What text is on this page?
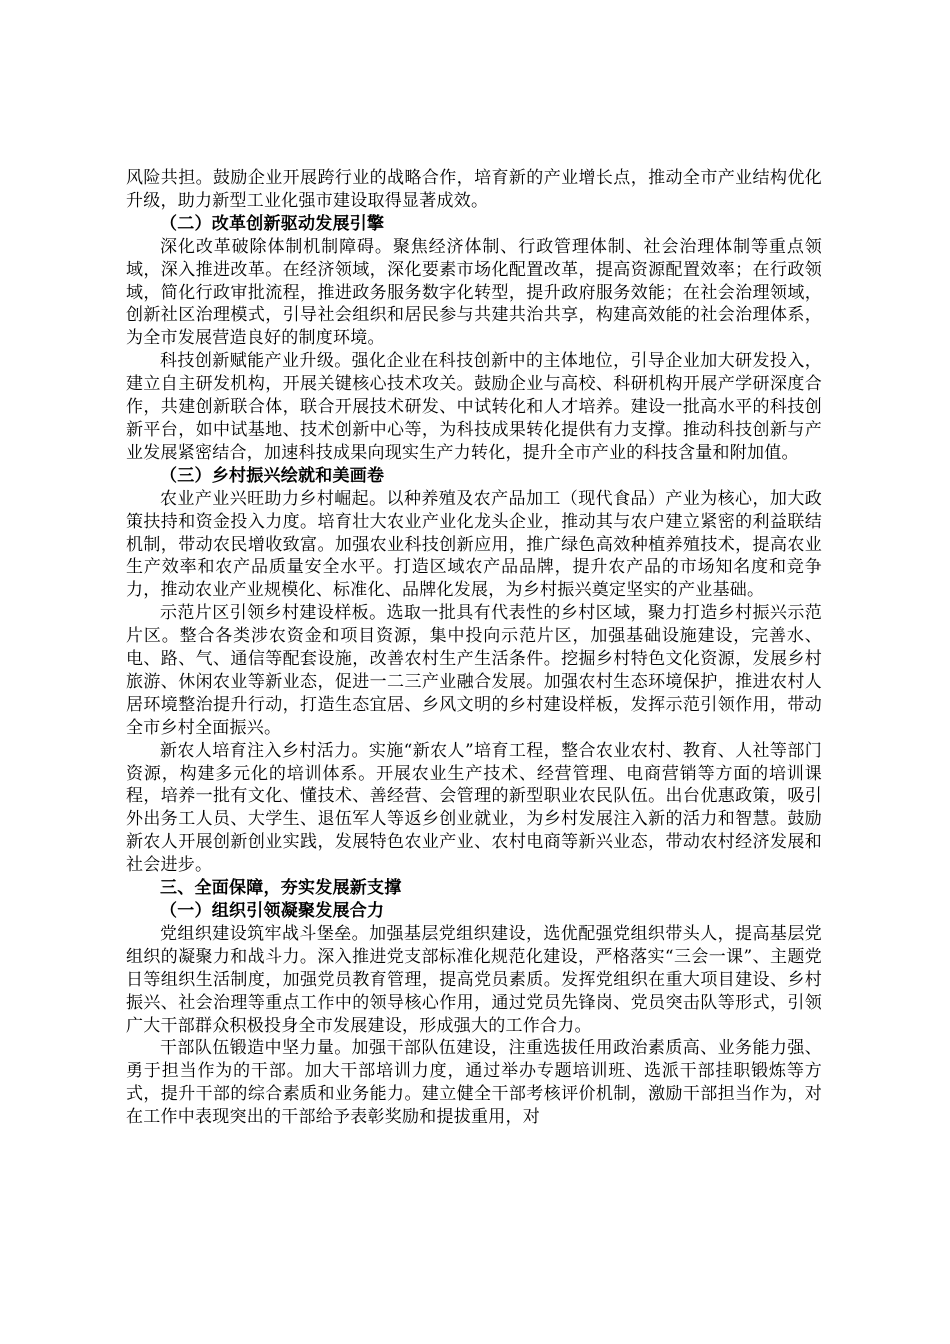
风险共担。鼓励企业开展跨行业的战略合作，培育新的产业增长点，推动全市产业结构优化升级，助力新型工业化强市建设取得显著成效。

（二）改革创新驱动发展引擎

深化改革破除体制机制障碍。聚焦经济体制、行政管理体制、社会治理体制等重点领域，深入推进改革。在经济领域，深化要素市场化配置改革，提高资源配置效率；在行政领域，简化行政审批流程，推进政务服务数字化转型，提升政府服务效能；在社会治理领域，创新社区治理模式，引导社会组织和居民参与共建共治共享，构建高效能的社会治理体系，为全市发展营造良好的制度环境。

科技创新赋能产业升级。强化企业在科技创新中的主体地位，引导企业加大研发投入，建立自主研发机构，开展关键核心技术攻关。鼓励企业与高校、科研机构开展产学研深度合作，共建创新联合体，联合开展技术研发、中试转化和人才培养。建设一批高水平的科技创新平台，如中试基地、技术创新中心等，为科技成果转化提供有力支撑。推动科技创新与产业发展紧密结合，加速科技成果向现实生产力转化，提升全市产业的科技含量和附加值。

（三）乡村振兴绘就和美画卷

农业产业兴旺助力乡村崛起。以种养殖及农产品加工（现代食品）产业为核心，加大政策扶持和资金投入力度。培育壮大农业产业化龙头企业，推动其与农户建立紧密的利益联结机制，带动农民增收致富。加强农业科技创新应用，推广绿色高效种植养殖技术，提高农业生产效率和农产品质量安全水平。打造区域农产品品牌，提升农产品的市场知名度和竞争力，推动农业产业规模化、标准化、品牌化发展，为乡村振兴奠定坚实的产业基础。

示范片区引领乡村建设样板。选取一批具有代表性的乡村区域，聚力打造乡村振兴示范片区。整合各类涉农资金和项目资源，集中投向示范片区，加强基础设施建设，完善水、电、路、气、通信等配套设施，改善农村生产生活条件。挖掘乡村特色文化资源，发展乡村旅游、休闲农业等新业态，促进一二三产业融合发展。加强农村生态环境保护，推进农村人居环境整治提升行动，打造生态宜居、乡风文明的乡村建设样板，发挥示范引领作用，带动全市乡村全面振兴。

新农人培育注入乡村活力。实施“新农人”培育工程，整合农业农村、教育、人社等部门资源，构建多元化的培训体系。开展农业生产技术、经营管理、电商营销等方面的培训课程，培养一批有文化、懂技术、善经营、会管理的新型职业农民队伍。出台优惠政策，吸引外出务工人员、大学生、退伍军人等返乡创业就业，为乡村发展注入新的活力和智慧。鼓励新农人开展创新创业实践，发展特色农业产业、农村电商等新兴业态，带动农村经济发展和社会进步。

三、全面保障，夯实发展新支撑
（一）组织引领凝聚发展合力

党组织建设筑牢战斗堡垒。加强基层党组织建设，选优配强党组织带头人，提高基层党组织的凝聚力和战斗力。深入推进党支部标准化规范化建设，严格落实“三会一课”、主题党日等组织生活制度，加强党员教育管理，提高党员素质。发挥党组织在重大项目建设、乡村振兴、社会治理等重点工作中的领导核心作用，通过党员先锋岗、党员突击队等形式，引领广大干部群众积极投身全市发展建设，形成强大的工作合力。

干部队伍锻造中坚力量。加强干部队伍建设，注重选拔任用政治素质高、业务能力强、勇于担当作为的干部。加大干部培训力度，通过举办专题培训班、选派干部挂职锻炼等方式，提升干部的综合素质和业务能力。建立健全干部考核评价机制，激励干部担当作为，对在工作中表现突出的干部给予表彰奖励和提拔重用，对
